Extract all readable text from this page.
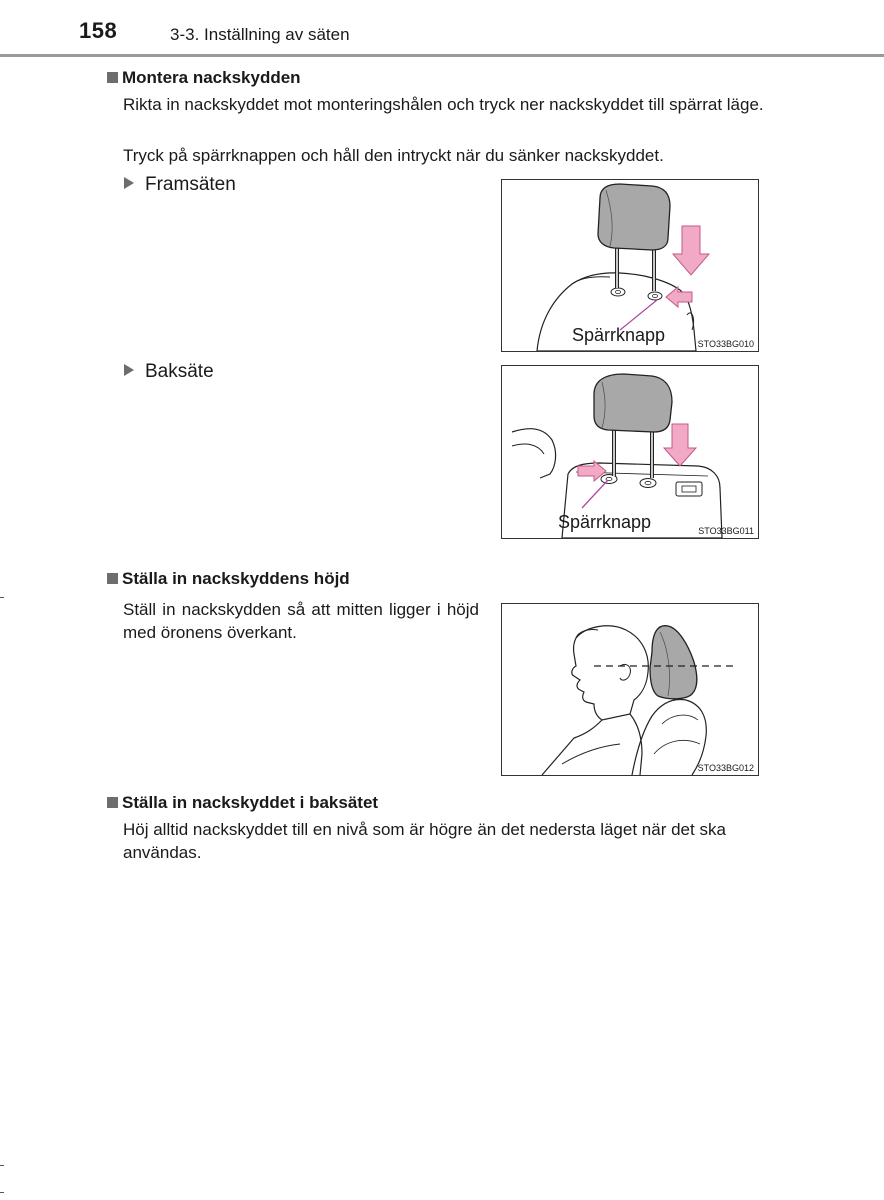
158	3-3. Inställning av säten
Montera nackskydden

Rikta in nackskyddet mot monteringshålen och tryck ner nackskyddet till spärrat läge.

Tryck på spärrknappen och håll den intryckt när du sänker nackskyddet.

Framsäten
Spärrknapp	STO33BG010
Baksäte
Spärrknapp	STO33BG011
Ställa in nackskyddens höjd

Ställ in nackskydden så att mitten ligger i höjd med öronens överkant.

STO33BG012
Ställa in nackskyddet i baksätet

Höj alltid nackskyddet till en nivå som är högre än det nedersta läget när det ska användas.
